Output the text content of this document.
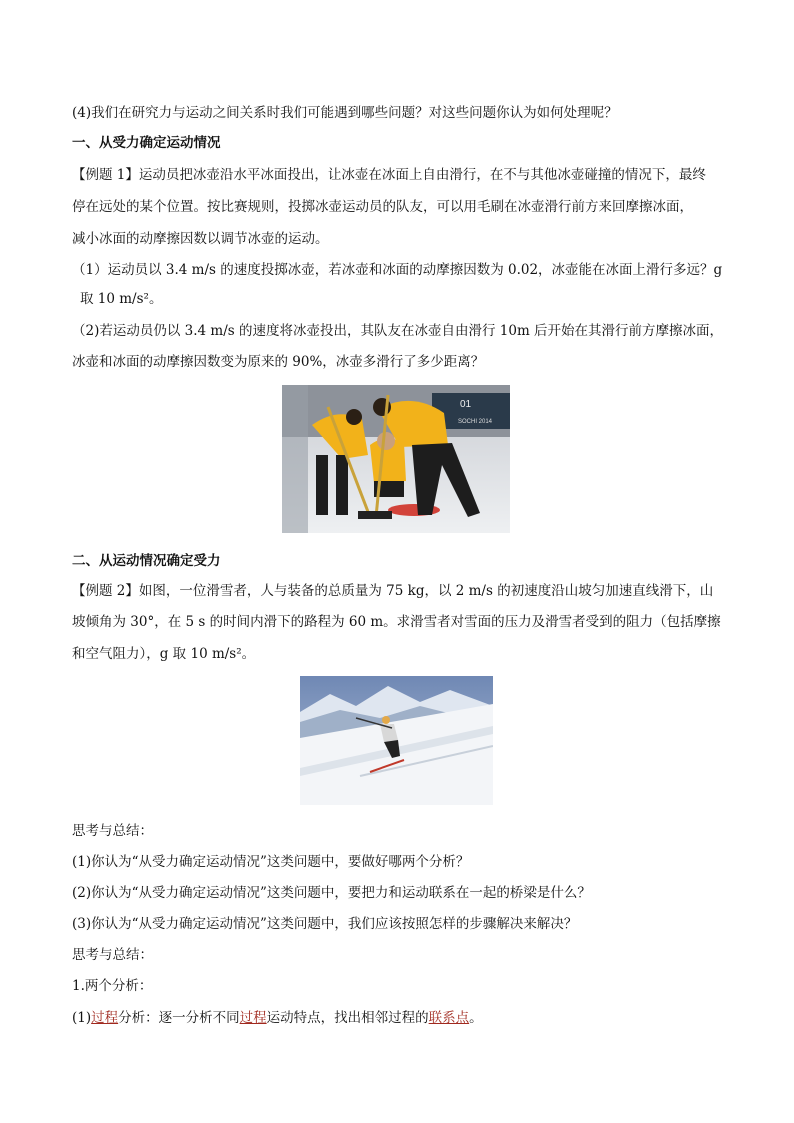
(4)我们在研究力与运动之间关系时我们可能遇到哪些问题？对这些问题你认为如何处理呢？
一、从受力确定运动情况
【例题 1】运动员把冰壶沿水平冰面投出，让冰壶在冰面上自由滑行，在不与其他冰壶碰撞的情况下，最终
停在远处的某个位置。按比赛规则，投掷冰壶运动员的队友，可以用毛刷在冰壶滑行前方来回摩擦冰面，
减小冰面的动摩擦因数以调节冰壶的运动。
（1）运动员以 3.4 m/s 的速度投掷冰壶，若冰壶和冰面的动摩擦因数为 0.02，冰壶能在冰面上滑行多远？g
取 10 m/s²。
（2)若运动员仍以 3.4 m/s 的速度将冰壶投出，其队友在冰壶自由滑行 10m 后开始在其滑行前方摩擦冰面，
冰壶和冰面的动摩擦因数变为原来的 90%，冰壶多滑行了多少距离？
01
SOCHI 2014
二、从运动情况确定受力
【例题 2】如图，一位滑雪者，人与装备的总质量为 75 kg，以 2 m/s 的初速度沿山坡匀加速直线滑下，山
坡倾角为 30°，在 5 s 的时间内滑下的路程为 60 m。求滑雪者对雪面的压力及滑雪者受到的阻力（包括摩擦
和空气阻力），g 取 10 m/s²。
思考与总结：
(1)你认为“从受力确定运动情况”这类问题中，要做好哪两个分析？
(2)你认为“从受力确定运动情况”这类问题中，要把力和运动联系在一起的桥梁是什么？
(3)你认为“从受力确定运动情况”这类问题中，我们应该按照怎样的步骤解决来解决？
思考与总结：
1.两个分析：
(1)过程分析：逐一分析不同过程运动特点，找出相邻过程的联系点。
